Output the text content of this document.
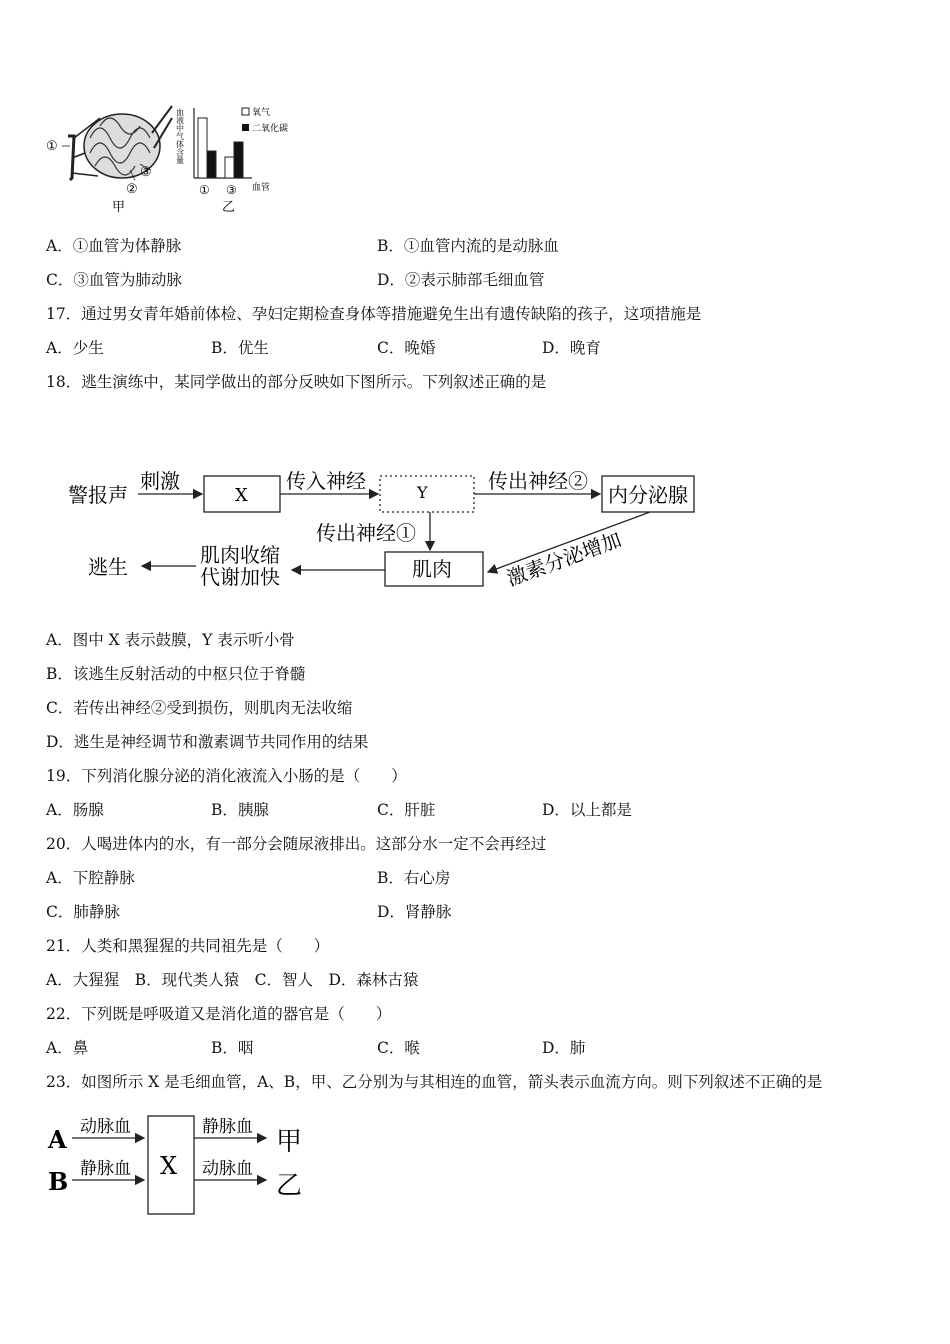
①
②
③
甲
血液中气体含量
① ③ 血管
氧气
二氧化碳
乙
A．①血管为体静脉	B．①血管内流的是动脉血
C．③血管为肺动脉	D．②表示肺部毛细血管
17．通过男女青年婚前体检、孕妇定期检查身体等措施避免生出有遗传缺陷的孩子，这项措施是
A．少生	B．优生	C．晚婚	D．晚育
18．逃生演练中，某同学做出的部分反映如下图所示。下列叙述正确的是
警报声
刺激
X
传入神经	Y	传出神经②
内分泌腺
传出神经①
肌肉	激素分泌增加
肌肉收缩
代谢加快
逃生
A．图中 X 表示鼓膜，Y 表示听小骨
B．该逃生反射活动的中枢只位于脊髓
C．若传出神经②受到损伤，则肌肉无法收缩
D．逃生是神经调节和激素调节共同作用的结果
19．下列消化腺分泌的消化液流入小肠的是（　　）
A．肠腺	B．胰腺	C．肝脏	D．以上都是
20．人喝进体内的水，有一部分会随尿液排出。这部分水一定不会再经过
A．下腔静脉	B．右心房
C．肺静脉	D．肾静脉
21．人类和黑猩猩的共同祖先是（　　）
A．大猩猩　B．现代类人猿　C．智人　D．森林古猿
22．下列既是呼吸道又是消化道的器官是（　　）
A．鼻	B．咽	C．喉	D．肺
23．如图所示 X 是毛细血管，A、B，甲、乙分别为与其相连的血管，箭头表示血流方向。则下列叙述不正确的是
A
B
动脉血
静脉血 X
静脉血
动脉血
甲
乙
